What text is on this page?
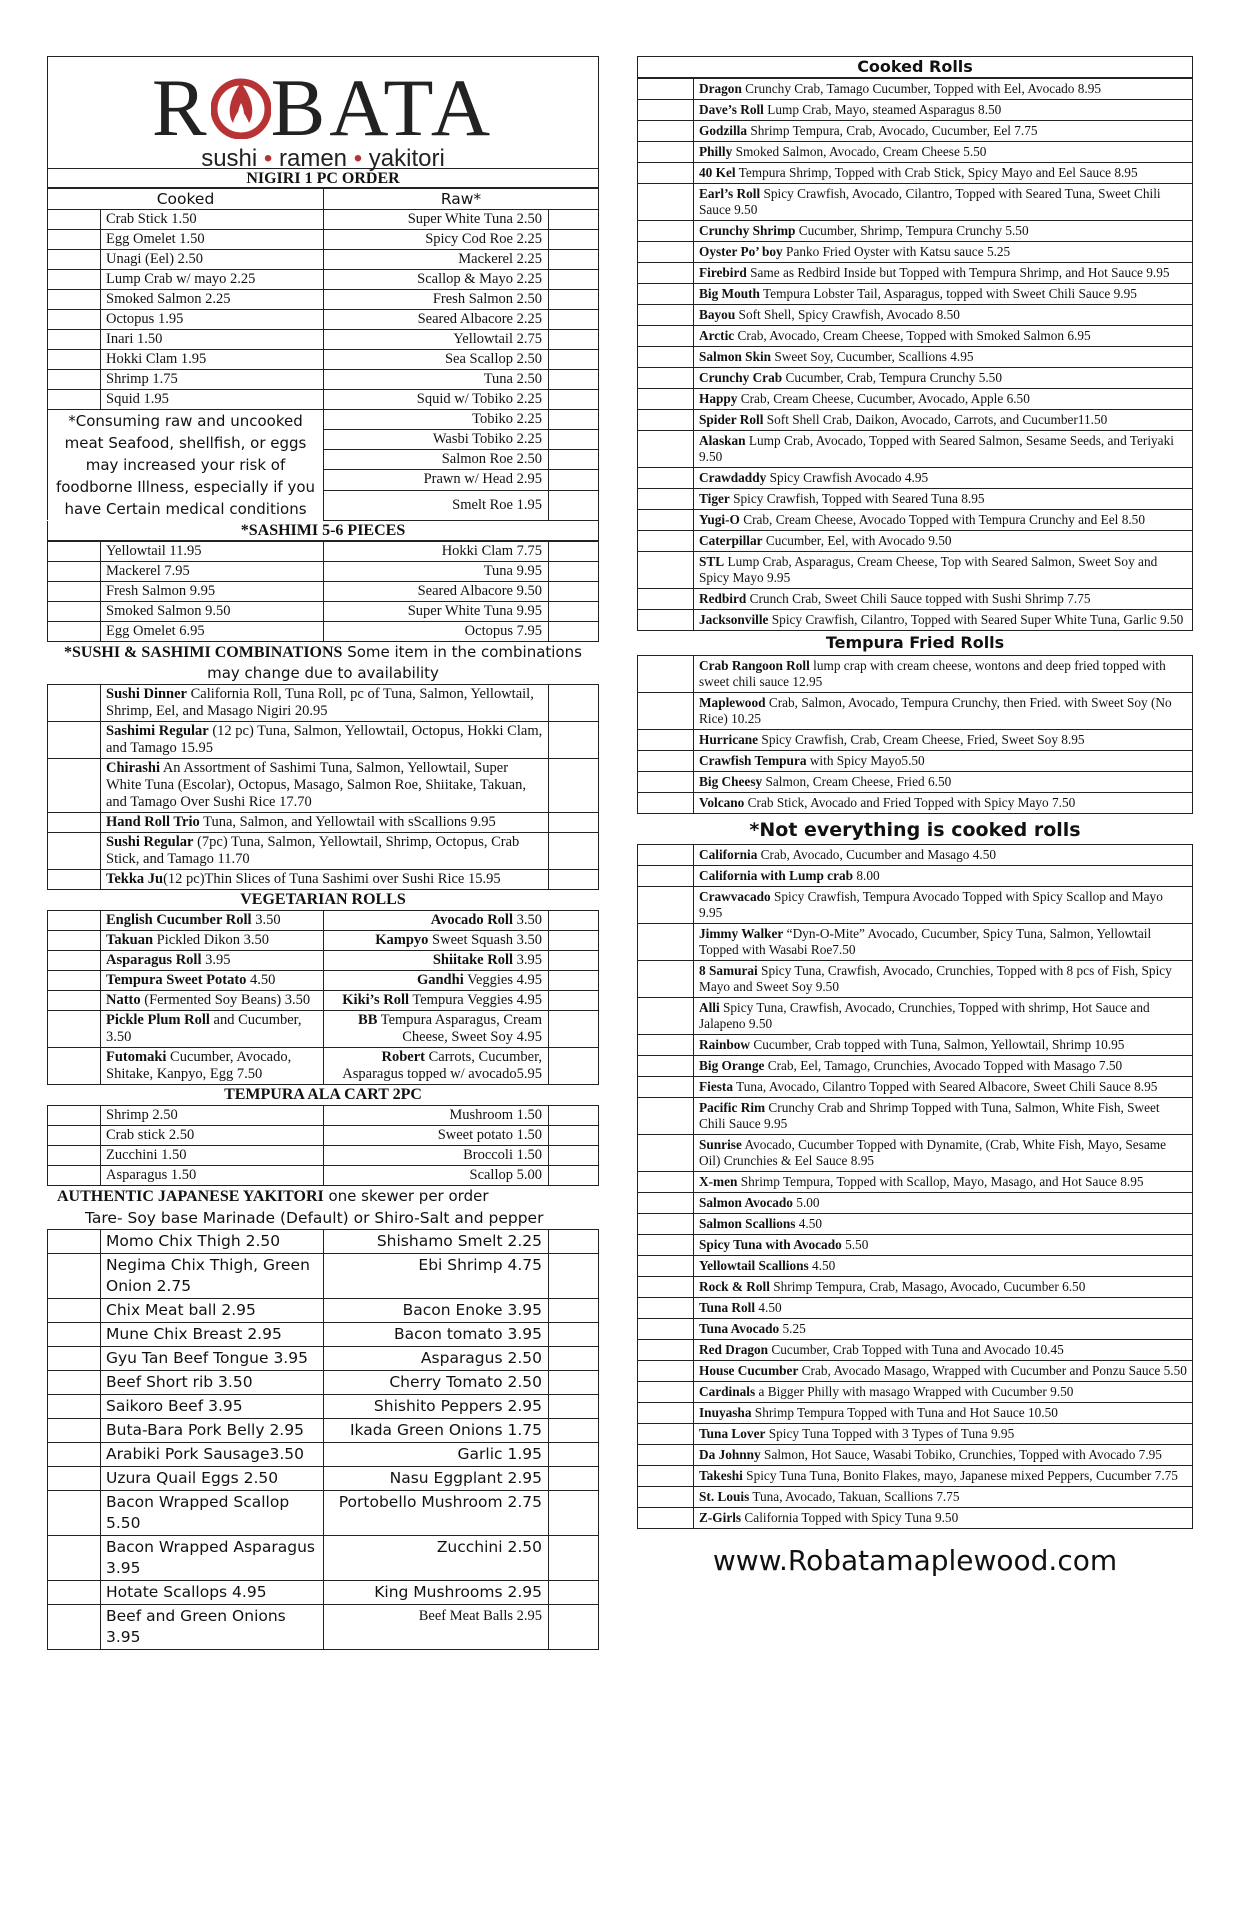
R BATA
sushi • ramen • yakitori
NIGIRI 1 PC ORDER
Cooked		Raw*	
	Crab Stick 1.50	Super White Tuna 2.50	
	Egg Omelet 1.50	Spicy Cod Roe 2.25	
	Unagi (Eel) 2.50	Mackerel 2.25	
	Lump Crab w/ mayo 2.25	Scallop & Mayo 2.25	
	Smoked Salmon 2.25	Fresh Salmon 2.50	
	Octopus 1.95	Seared Albacore 2.25	
	Inari 1.50	Yellowtail 2.75	
	Hokki Clam 1.95	Sea Scallop 2.50	
	Shrimp 1.75	Tuna 2.50	
	Squid 1.95	Squid w/ Tobiko 2.25	
*Consuming raw and uncooked meat Seafood, shellfish, or eggs may increased your risk of foodborne Illness, especially if you have Certain medical conditions		Tobiko 2.25	
		Wasbi Tobiko 2.25	
		Salmon Roe 2.50	
		Prawn w/ Head 2.95	
		Smelt Roe 1.95	
*SASHIMI 5-6 PIECES
	Yellowtail 11.95	Hokki Clam 7.75	
	Mackerel 7.95	Tuna 9.95	
	Fresh Salmon 9.95	Seared Albacore 9.50	
	Smoked Salmon 9.50	Super White Tuna 9.95	
	Egg Omelet 6.95	Octopus 7.95	
*SUSHI & SASHIMI COMBINATIONS Some item in the combinations may change due to availability
	Sushi Dinner California Roll, Tuna Roll, pc of Tuna, Salmon, Yellowtail, Shrimp, Eel, and Masago Nigiri 20.95	
	Sashimi Regular (12 pc) Tuna, Salmon, Yellowtail, Octopus, Hokki Clam, and Tamago 15.95	
	Chirashi An Assortment of Sashimi Tuna, Salmon, Yellowtail, Super White Tuna (Escolar), Octopus, Masago, Salmon Roe, Shiitake, Takuan, and Tamago Over Sushi Rice 17.70	
	Hand Roll Trio Tuna, Salmon, and Yellowtail with sScallions 9.95	
	Sushi Regular (7pc) Tuna, Salmon, Yellowtail, Shrimp, Octopus, Crab Stick, and Tamago 11.70	
	Tekka Ju(12 pc)Thin Slices of Tuna Sashimi over Sushi Rice 15.95	
VEGETARIAN ROLLS
	English Cucumber Roll 3.50	Avocado Roll 3.50	
	Takuan Pickled Dikon 3.50	Kampyo Sweet Squash 3.50	
	Asparagus Roll 3.95	Shiitake Roll 3.95	
	Tempura Sweet Potato 4.50	Gandhi Veggies 4.95	
	Natto (Fermented Soy Beans) 3.50	Kiki’s Roll Tempura Veggies 4.95	
	Pickle Plum Roll and Cucumber, 3.50	BB Tempura Asparagus, Cream Cheese, Sweet Soy 4.95	
	Futomaki Cucumber, Avocado, Shitake, Kanpyo, Egg 7.50	Robert Carrots, Cucumber, Asparagus topped w/ avocado5.95	
TEMPURA ALA CART 2PC
	Shrimp 2.50	Mushroom 1.50	
	Crab stick 2.50	Sweet potato 1.50	
	Zucchini 1.50	Broccoli 1.50	
	Asparagus 1.50	Scallop 5.00	
AUTHENTIC JAPANESE YAKITORI one skewer per order
Tare- Soy base Marinade (Default) or Shiro-Salt and pepper
	Momo Chix Thigh 2.50	Shishamo Smelt 2.25	
	Negima Chix Thigh, Green Onion 2.75	Ebi Shrimp 4.75	
	Chix Meat ball 2.95	Bacon Enoke 3.95	
	Mune Chix Breast 2.95	Bacon tomato 3.95	
	Gyu Tan Beef Tongue 3.95	Asparagus 2.50	
	Beef Short rib 3.50	Cherry Tomato 2.50	
	Saikoro Beef 3.95	Shishito Peppers 2.95	
	Buta-Bara Pork Belly 2.95	Ikada Green Onions 1.75	
	Arabiki Pork Sausage3.50	Garlic 1.95	
	Uzura Quail Eggs 2.50	Nasu Eggplant 2.95	
	Bacon Wrapped Scallop 5.50	Portobello Mushroom 2.75	
	Bacon Wrapped Asparagus 3.95	Zucchini 2.50	
	Hotate Scallops 4.95	King Mushrooms 2.95	
	Beef and Green Onions 3.95	Beef Meat Balls 2.95	
Cooked Rolls
	Dragon Crunchy Crab, Tamago Cucumber, Topped with Eel, Avocado 8.95
	Dave’s Roll Lump Crab, Mayo, steamed Asparagus 8.50
	Godzilla Shrimp Tempura, Crab, Avocado, Cucumber, Eel 7.75
	Philly Smoked Salmon, Avocado, Cream Cheese 5.50
	40 Kel Tempura Shrimp, Topped with Crab Stick, Spicy Mayo and Eel Sauce 8.95
	Earl’s Roll Spicy Crawfish, Avocado, Cilantro, Topped with Seared Tuna, Sweet Chili Sauce 9.50
	Crunchy Shrimp Cucumber, Shrimp, Tempura Crunchy 5.50
	Oyster Po’ boy Panko Fried Oyster with Katsu sauce 5.25
	Firebird Same as Redbird Inside but Topped with Tempura Shrimp, and Hot Sauce 9.95
	Big Mouth Tempura Lobster Tail, Asparagus, topped with Sweet Chili Sauce 9.95
	Bayou Soft Shell, Spicy Crawfish, Avocado 8.50
	Arctic Crab, Avocado, Cream Cheese, Topped with Smoked Salmon 6.95
	Salmon Skin Sweet Soy, Cucumber, Scallions 4.95
	Crunchy Crab Cucumber, Crab, Tempura Crunchy 5.50
	Happy Crab, Cream Cheese, Cucumber, Avocado, Apple 6.50
	Spider Roll Soft Shell Crab, Daikon, Avocado, Carrots, and Cucumber11.50
	Alaskan Lump Crab, Avocado, Topped with Seared Salmon, Sesame Seeds, and Teriyaki 9.50
	Crawdaddy Spicy Crawfish Avocado 4.95
	Tiger Spicy Crawfish, Topped with Seared Tuna 8.95
	Yugi-O Crab, Cream Cheese, Avocado Topped with Tempura Crunchy and Eel 8.50
	Caterpillar Cucumber, Eel, with Avocado 9.50
	STL Lump Crab, Asparagus, Cream Cheese, Top with Seared Salmon, Sweet Soy and Spicy Mayo 9.95
	Redbird Crunch Crab, Sweet Chili Sauce topped with Sushi Shrimp 7.75
	Jacksonville Spicy Crawfish, Cilantro, Topped with Seared Super White Tuna, Garlic 9.50
Tempura Fried Rolls
	Crab Rangoon Roll lump crap with cream cheese, wontons and deep fried topped with sweet chili sauce 12.95
	Maplewood Crab, Salmon, Avocado, Tempura Crunchy, then Fried. with Sweet Soy (No Rice) 10.25
	Hurricane Spicy Crawfish, Crab, Cream Cheese, Fried, Sweet Soy 8.95
	Crawfish Tempura with Spicy Mayo5.50
	Big Cheesy Salmon, Cream Cheese, Fried 6.50
	Volcano Crab Stick, Avocado and Fried Topped with Spicy Mayo 7.50
*Not everything is cooked rolls
	California Crab, Avocado, Cucumber and Masago 4.50
	California with Lump crab 8.00
	Crawvacado Spicy Crawfish, Tempura Avocado Topped with Spicy Scallop and Mayo 9.95
	Jimmy Walker “Dyn-O-Mite” Avocado, Cucumber, Spicy Tuna, Salmon, Yellowtail Topped with Wasabi Roe7.50
	8 Samurai Spicy Tuna, Crawfish, Avocado, Crunchies, Topped with 8 pcs of Fish, Spicy Mayo and Sweet Soy 9.50
	Alli Spicy Tuna, Crawfish, Avocado, Crunchies, Topped with shrimp, Hot Sauce and Jalapeno 9.50
	Rainbow Cucumber, Crab topped with Tuna, Salmon, Yellowtail, Shrimp 10.95
	Big Orange Crab, Eel, Tamago, Crunchies, Avocado Topped with Masago 7.50
	Fiesta Tuna, Avocado, Cilantro Topped with Seared Albacore, Sweet Chili Sauce 8.95
	Pacific Rim Crunchy Crab and Shrimp Topped with Tuna, Salmon, White Fish, Sweet Chili Sauce 9.95
	Sunrise Avocado, Cucumber Topped with Dynamite, (Crab, White Fish, Mayo, Sesame Oil) Crunchies & Eel Sauce 8.95
	X-men Shrimp Tempura, Topped with Scallop, Mayo, Masago, and Hot Sauce 8.95
	Salmon Avocado 5.00
	Salmon Scallions 4.50
	Spicy Tuna with Avocado 5.50
	Yellowtail Scallions 4.50
	Rock & Roll Shrimp Tempura, Crab, Masago, Avocado, Cucumber 6.50
	Tuna Roll 4.50
	Tuna Avocado 5.25
	Red Dragon Cucumber, Crab Topped with Tuna and Avocado 10.45
	House Cucumber Crab, Avocado Masago, Wrapped with Cucumber and Ponzu Sauce 5.50
	Cardinals a Bigger Philly with masago Wrapped with Cucumber 9.50
	Inuyasha Shrimp Tempura Topped with Tuna and Hot Sauce 10.50
	Tuna Lover Spicy Tuna Topped with 3 Types of Tuna 9.95
	Da Johnny Salmon, Hot Sauce, Wasabi Tobiko, Crunchies, Topped with Avocado 7.95
	Takeshi Spicy Tuna Tuna, Bonito Flakes, mayo, Japanese mixed Peppers, Cucumber 7.75
	St. Louis Tuna, Avocado, Takuan, Scallions 7.75
	Z-Girls California Topped with Spicy Tuna 9.50
www.Robatamaplewood.com
